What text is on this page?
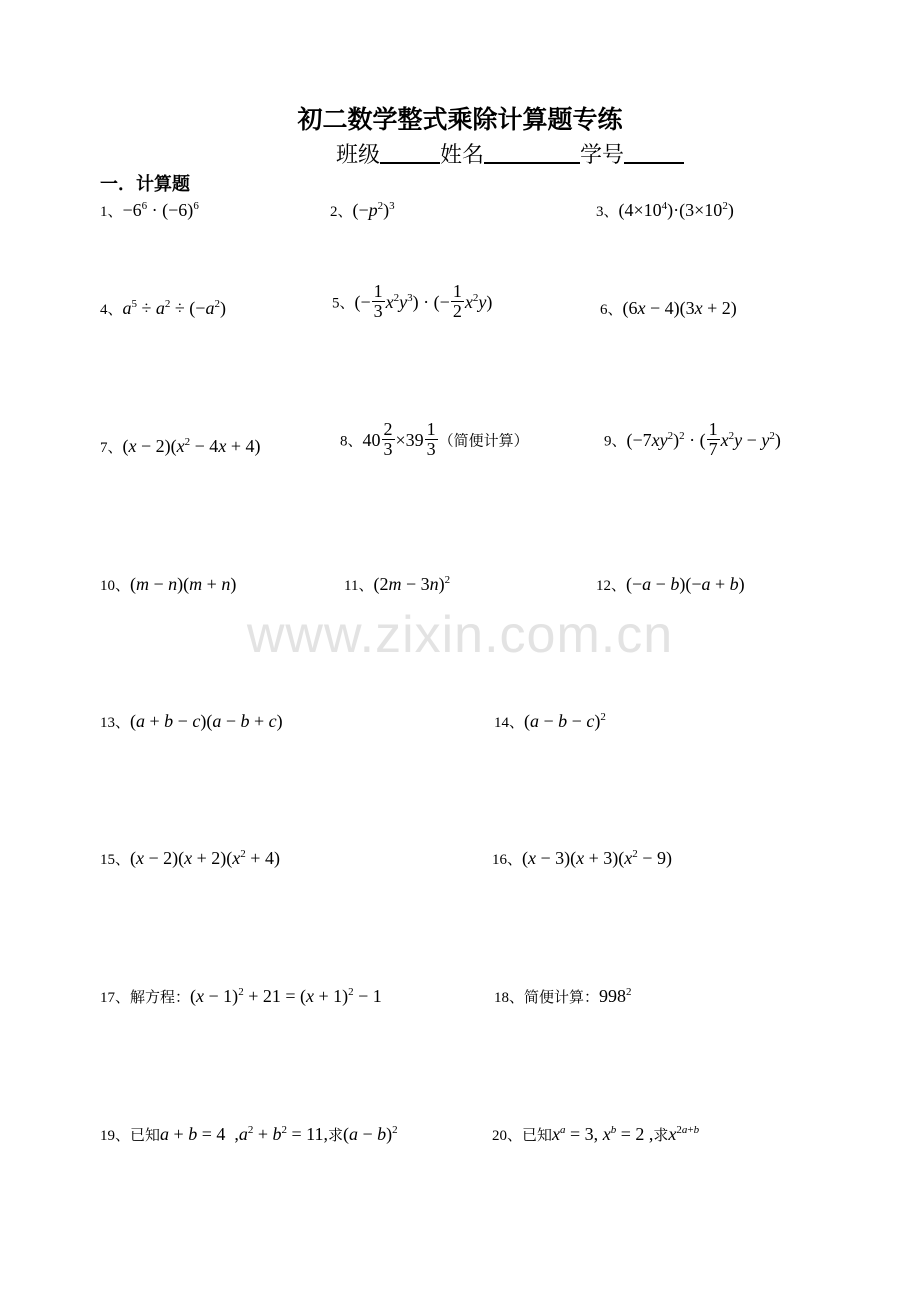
初二数学整式乘除计算题专练
班级	姓名	学号
一．计算题
www.zixin.com.cn
1、$-6^6 \cdot (-6)^6$	2、$(-p^2)^3$	3、$(4\times 10^4)\cdot(3\times 10^2)$
4、$a^5 \div a^2 \div (-a^2)$	5、(− $\frac{1}{3} x^2y^3$) · (− $\frac{1}{2} x^2y$)	6、(6x − 4)(3x + 2)
7、$(x - 2)(x^2 - 4x + 4)$	8、$40 \frac{2}{3} \times 39 \frac{1}{3}$ （简便计算）	9、$(-7xy^2)^2$ · ( $\frac{1}{7} x^2y - y^2$)
10、(m − n)(m + n)	11、$(2m - 3n)^2$	12、(−a − b)(−a + b)
13、(a + b − c)(a − b + c)	14、$(a - b - c)^2$
15、$(x - 2)(x + 2)(x^2 + 4)$	16、$(x - 3)(x + 3)(x^2 - 9)$
17、解方程：$(x - 1)^2 + 21 = (x + 1)^2 - 1$	18、简便计算：$998^2$
19、已知a + b = 4  $,a^2 + b^2 = 11$,求$(a - b)^2$	20、已知$x^a = 3$, $x^b = 2$ ,求$x^{2a+b}$
